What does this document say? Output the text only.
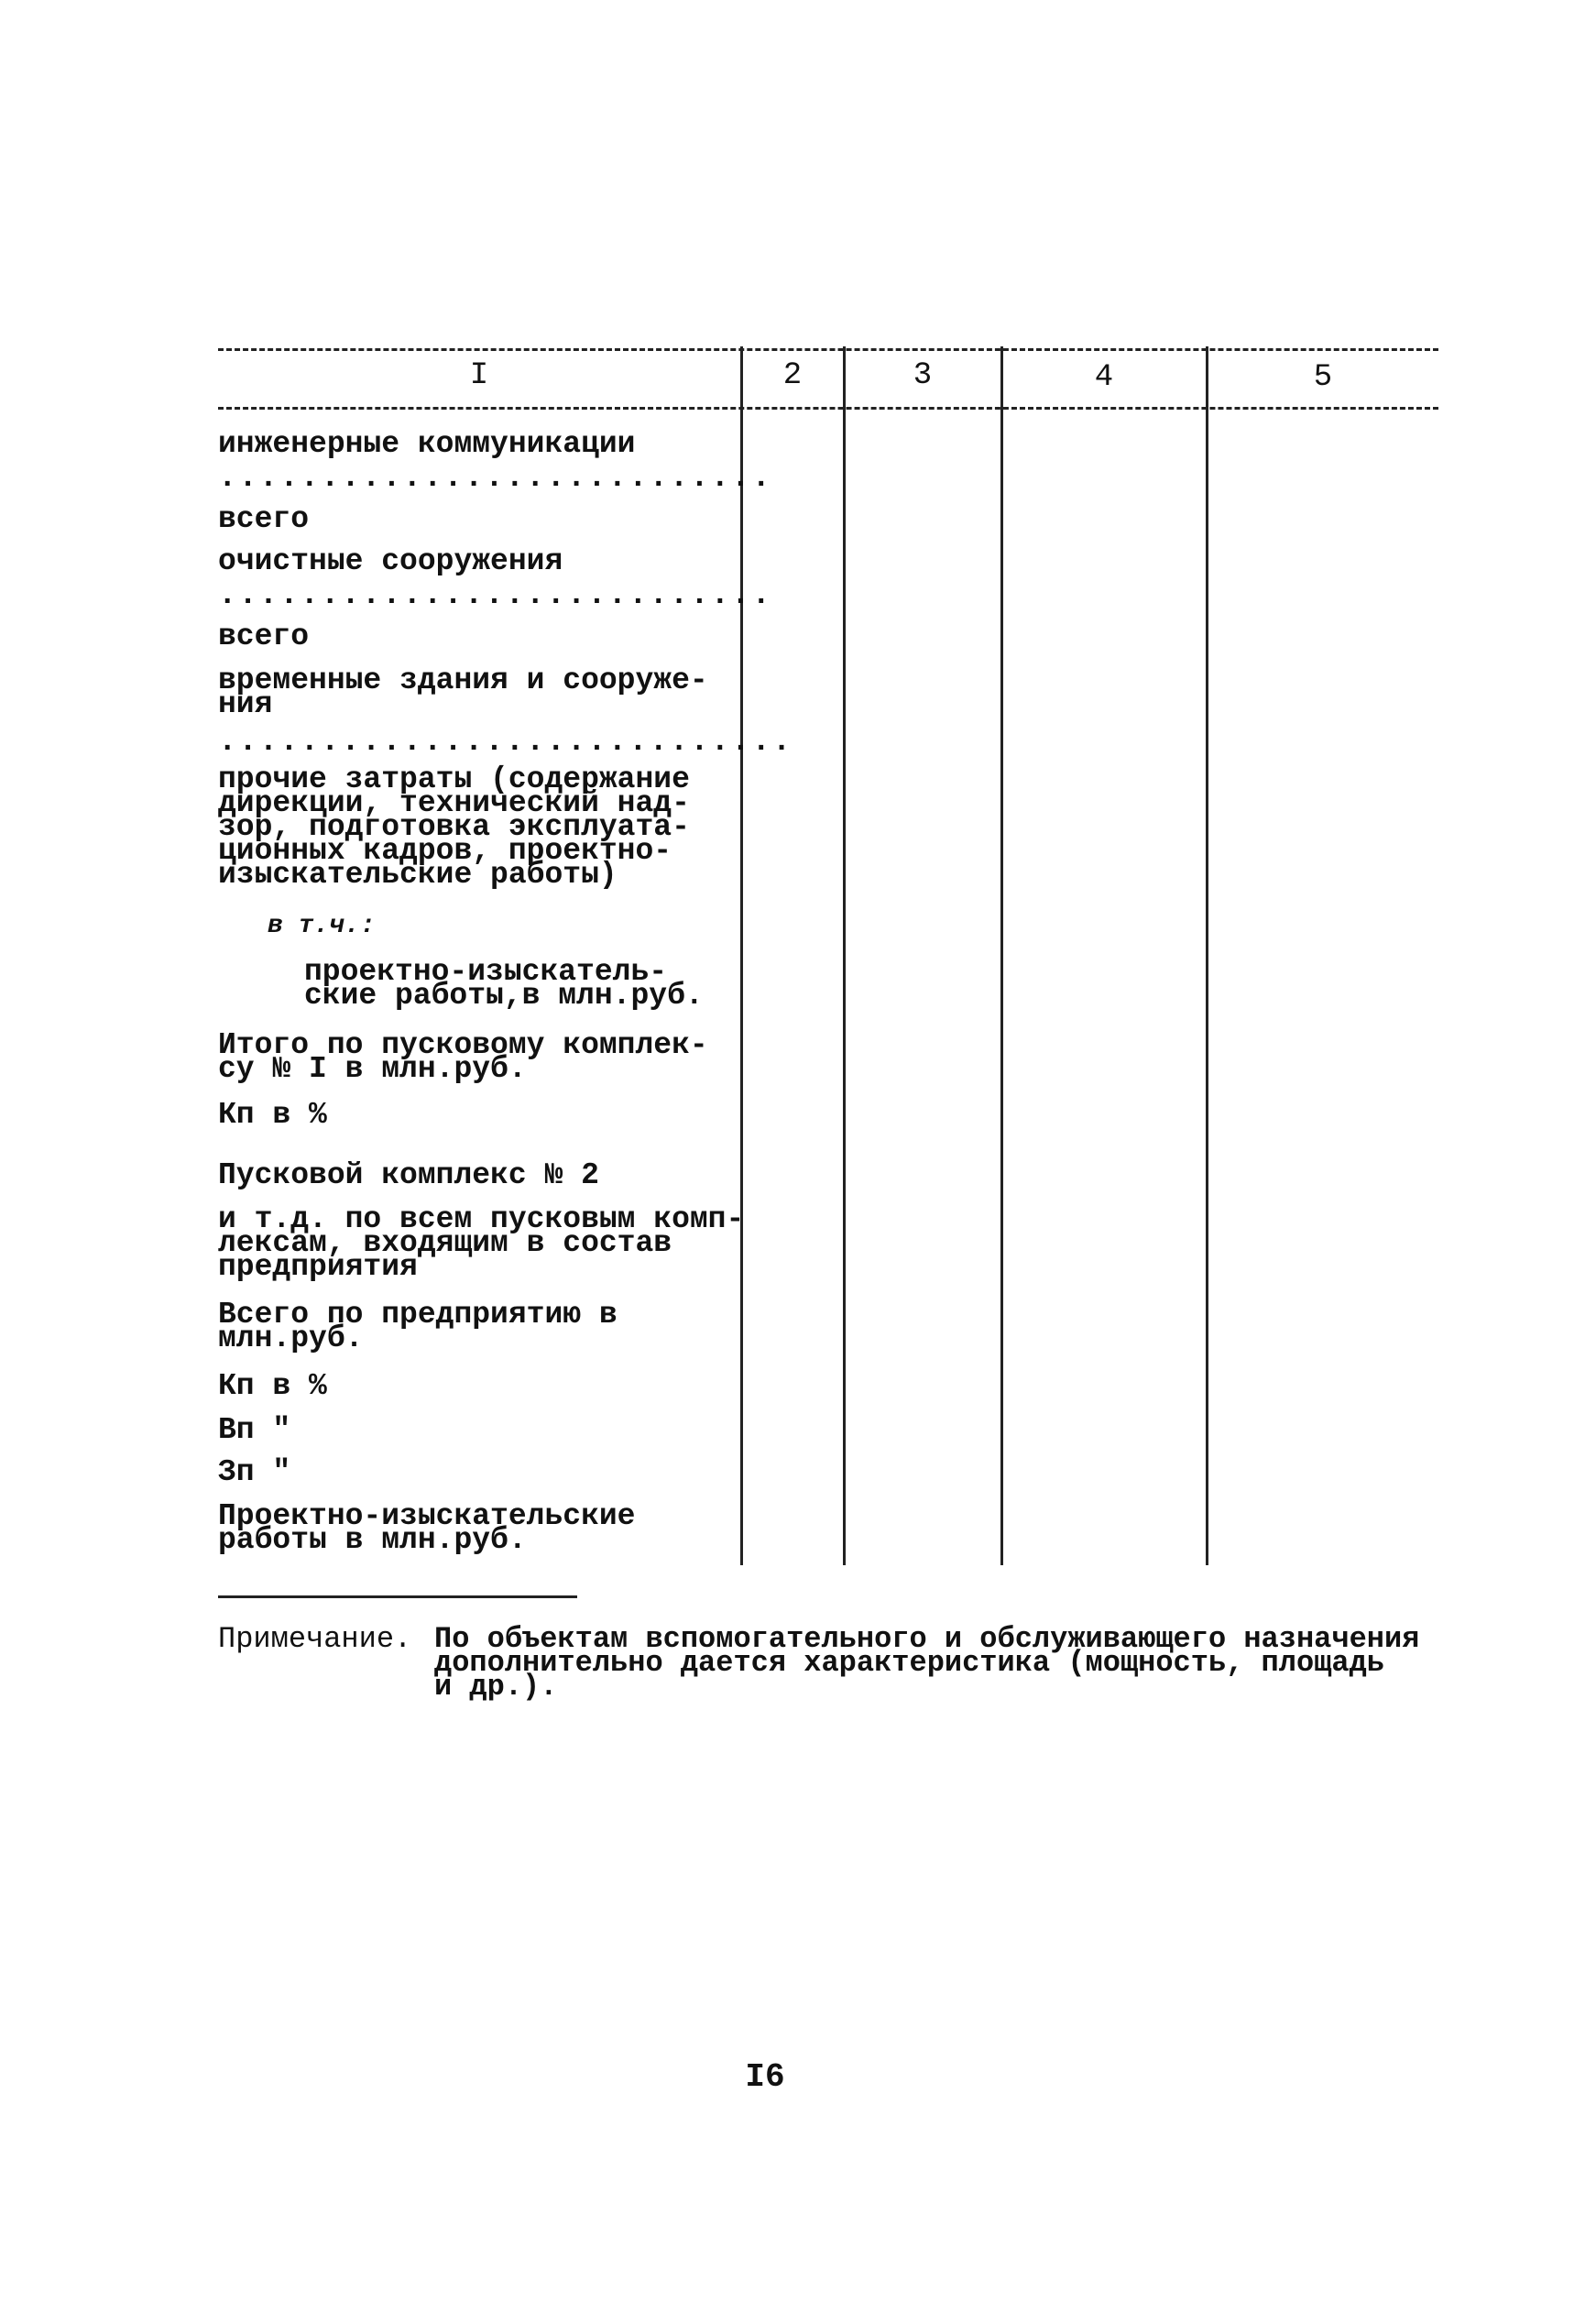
I	2	3	4	5
инженерные коммуникации
...........................
всего
очистные сооружения
...........................
всего
временные здания и сооруже-
ния
............................
прочие затраты (содержание
дирекции, технический над-
зор, подготовка эксплуата-
ционных кадров, проектно-
изыскательские работы)
в т.ч.:
проектно-изыскатель-
ские работы,в млн.руб.
Итого по пусковому комплек-
су № I в млн.руб.
Кп в %
Пусковой комплекс № 2
и т.д. по всем пусковым комп-
лексам, входящим в состав
предприятия
Всего по предприятию в
млн.руб.
Кп в %
Вп "
Зп "
Проектно-изыскательские
работы в млн.руб.
Примечание. По объектам вспомогательного и обслуживающего назначения
дополнительно дается характеристика (мощность, площадь
и др.).
I6
